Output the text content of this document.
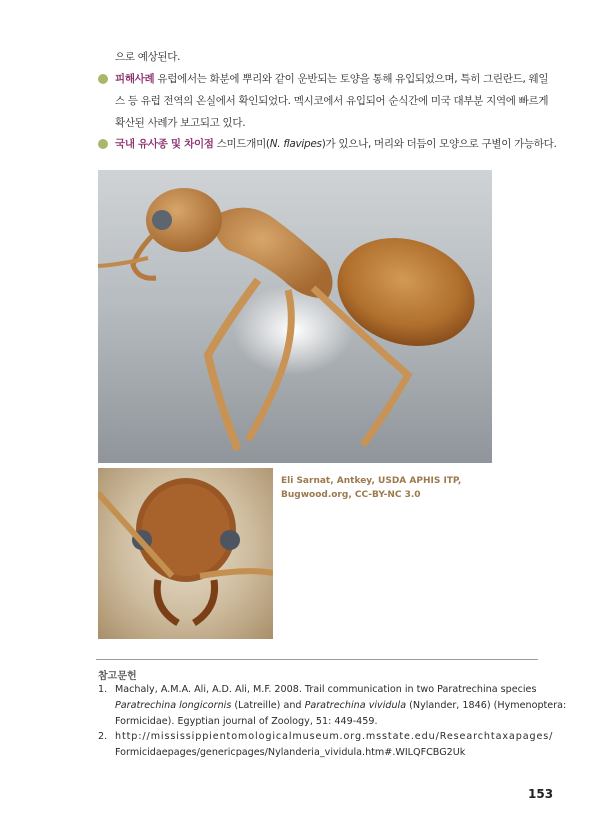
으로 예상된다.
피해사례 유럽에서는 화분에 뿌리와 같이 운반되는 토양을 통해 유입되었으며, 특히 그린란드, 웨일
스 등 유럽 전역의 온실에서 확인되었다. 멕시코에서 유입되어 순식간에 미국 대부분 지역에 빠르게
확산된 사례가 보고되고 있다.
국내 유사종 및 차이점 스미드개미(N. flavipes)가 있으나, 머리와 더듬이 모양으로 구별이 가능하다.
Eli Sarnat, Antkey, USDA APHIS ITP,
Bugwood.org, CC-BY-NC 3.0
참고문헌
1. Machaly, A.M.A. Ali, A.D. Ali, M.F. 2008. Trail communication in two Paratrechina species
Paratrechina longicornis (Latreille) and Paratrechina vividula (Nylander, 1846) (Hymenoptera:
Formicidae). Egyptian journal of Zoology, 51: 449-459.
2. http://mississippientomologicalmuseum.org.msstate.edu/Researchtaxapages/
Formicidaepages/genericpages/Nylanderia_vividula.htm#.WILQFCBG2Uk
153
